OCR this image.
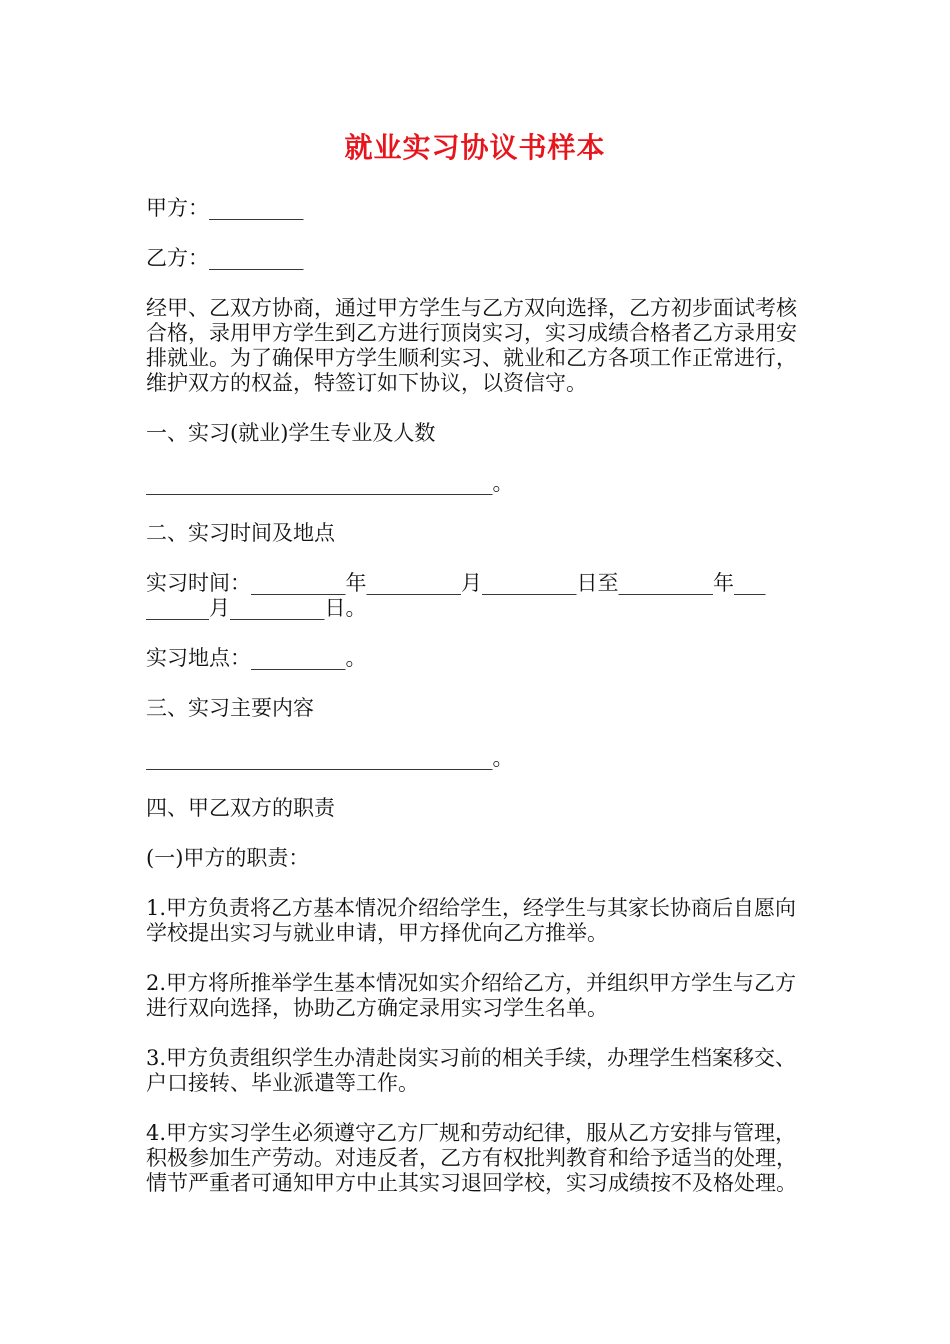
就业实习协议书样本

甲方：_________

乙方：_________

经甲、乙双方协商，通过甲方学生与乙方双向选择，乙方初步面试考核合格，录用甲方学生到乙方进行顶岗实习，实习成绩合格者乙方录用安排就业。为了确保甲方学生顺利实习、就业和乙方各项工作正常进行，维护双方的权益，特签订如下协议，以资信守。

一、实习(就业)学生专业及人数

_________________________________。

二、实习时间及地点

实习时间：_________年_________月_________日至_________年___
______月_________日。

实习地点：_________。

三、实习主要内容

_________________________________。

四、甲乙双方的职责

(一)甲方的职责：

1.甲方负责将乙方基本情况介绍给学生，经学生与其家长协商后自愿向学校提出实习与就业申请，甲方择优向乙方推举。

2.甲方将所推举学生基本情况如实介绍给乙方，并组织甲方学生与乙方进行双向选择，协助乙方确定录用实习学生名单。

3.甲方负责组织学生办清赴岗实习前的相关手续，办理学生档案移交、户口接转、毕业派遣等工作。

4.甲方实习学生必须遵守乙方厂规和劳动纪律，服从乙方安排与管理，积极参加生产劳动。对违反者，乙方有权批判教育和给予适当的处理，情节严重者可通知甲方中止其实习退回学校，实习成绩按不及格处理。
